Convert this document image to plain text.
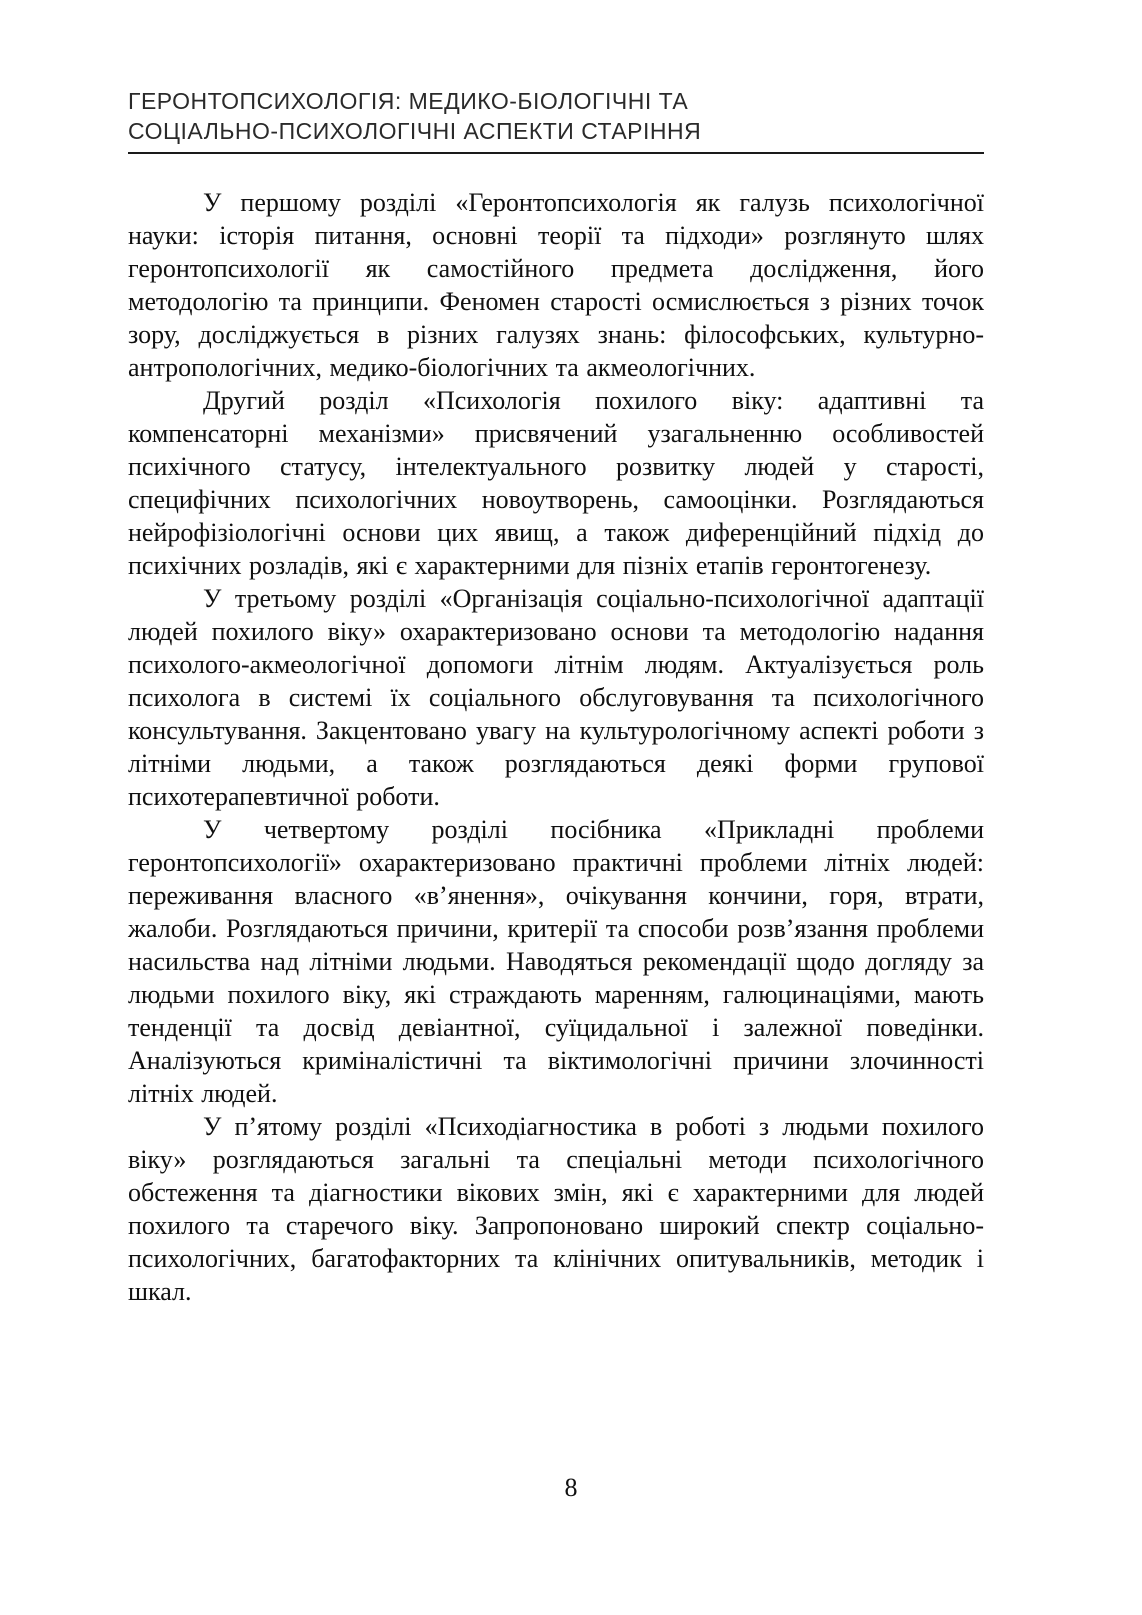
ГЕРОНТОПСИХОЛОГІЯ: МЕДИКО-БІОЛОГІЧНІ ТА
СОЦІАЛЬНО-ПСИХОЛОГІЧНІ АСПЕКТИ СТАРІННЯ

У першому розділі «Геронтопсихологія як галузь психологічної науки: історія питання, основні теорії та підходи» розглянуто шлях геронтопсихології як самостійного предмета дослідження, його методологію та принципи. Феномен старості осмислюється з різних точок зору, досліджується в різних галузях знань: філософських, культурно-антропологічних, медико-біологічних та акмеологічних.

Другий розділ «Психологія похилого віку: адаптивні та компенсаторні механізми» присвячений узагальненню особливостей психічного статусу, інтелектуального розвитку людей у старості, специфічних психологічних новоутворень, самооцінки. Розглядаються нейрофізіологічні основи цих явищ, а також диференційний підхід до психічних розладів, які є характерними для пізніх етапів геронтогенезу.

У третьому розділі «Організація соціально-психологічної адаптації людей похилого віку» охарактеризовано основи та методологію надання психолого-акмеологічної допомоги літнім людям. Актуалізується роль психолога в системі їх соціального обслуговування та психологічного консультування. Закцентовано увагу на культурологічному аспекті роботи з літніми людьми, а також розглядаються деякі форми групової психотерапевтичної роботи.

У четвертому розділі посібника «Прикладні проблеми геронтопсихології» охарактеризовано практичні проблеми літніх людей: переживання власного «в’янення», очікування кончини, горя, втрати, жалоби. Розглядаються причини, критерії та способи розв’язання проблеми насильства над літніми людьми. Наводяться рекомендації щодо догляду за людьми похилого віку, які страждають маренням, галюцинаціями, мають тенденції та досвід девіантної, суїцидальної і залежної поведінки. Аналізуються криміналістичні та віктимологічні причини злочинності літніх людей.

У п’ятому розділі «Психодіагностика в роботі з людьми похилого віку» розглядаються загальні та спеціальні методи психологічного обстеження та діагностики вікових змін, які є характерними для людей похилого та старечого віку. Запропоновано широкий спектр соціально-психологічних, багатофакторних та клінічних опитувальників, методик і шкал.

8
